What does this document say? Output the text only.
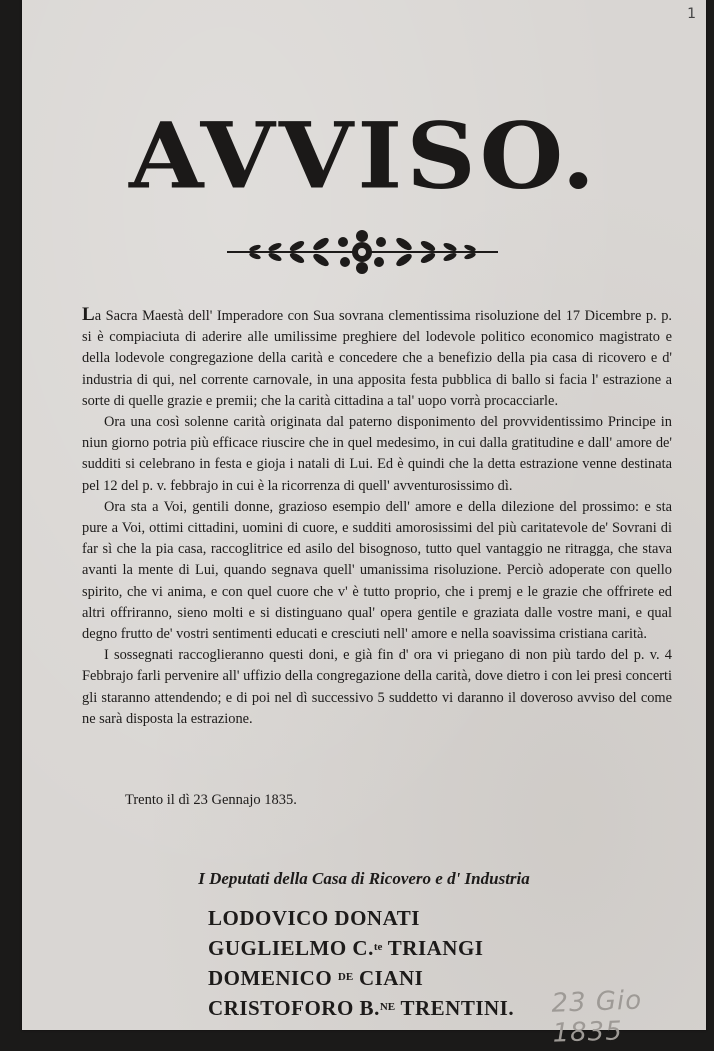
1
AVVISO.

La Sacra Maestà dell' Imperadore con Sua sovrana clementissima risoluzione del 17 Dicembre p. p. si è compiaciuta di aderire alle umilissime preghiere del lodevole politico economico magistrato e della lodevole congregazione della carità e concedere che a benefizio della pia casa di ricovero e d' industria di qui, nel corrente carnovale, in una apposita festa pubblica di ballo si facia l' estrazione a sorte di quelle grazie e premii; che la carità cittadina a tal' uopo vorrà procacciarle.

Ora una così solenne carità originata dal paterno disponimento del provvidentissimo Principe in niun giorno potria più efficace riuscire che in quel medesimo, in cui dalla gratitudine e dall' amore de' sudditi si celebrano in festa e gioja i natali di Lui. Ed è quindi che la detta estrazione venne destinata pel 12 del p. v. febbrajo in cui è la ricorrenza di quell' avventurosissimo dì.

Ora sta a Voi, gentili donne, grazioso esempio dell' amore e della dilezione del prossimo: e sta pure a Voi, ottimi cittadini, uomini di cuore, e sudditi amorosissimi del più caritatevole de' Sovrani di far sì che la pia casa, raccoglitrice ed asilo del bisognoso, tutto quel vantaggio ne ritragga, che stava avanti la mente di Lui, quando segnava quell' umanissima risoluzione. Perciò adoperate con quello spirito, che vi anima, e con quel cuore che v' è tutto proprio, che i premj e le grazie che offrirete ed altri offriranno, sieno molti e si distinguano qual' opera gentile e graziata dalle vostre mani, e qual degno frutto de' vostri sentimenti educati e cresciuti nell' amore e nella soavissima cristiana carità.

I sossegnati raccoglieranno questi doni, e già fin d' ora vi priegano di non più tardo del p. v. 4 Febbrajo farli pervenire all' uffizio della congregazione della carità, dove dietro i con lei presi concerti gli staranno attendendo; e di poi nel dì successivo 5 suddetto vi daranno il doveroso avviso del come ne sarà disposta la estrazione.

Trento il dì 23 Gennajo 1835.
I Deputati della Casa di Ricovero e d' Industria
LODOVICO DONATI
GUGLIELMO C.$^{te}$ TRIANGI
DOMENICO $^{DE}$ CIANI
CRISTOFORO B.$^{NE}$ TRENTINI. 23 Gio 1835
